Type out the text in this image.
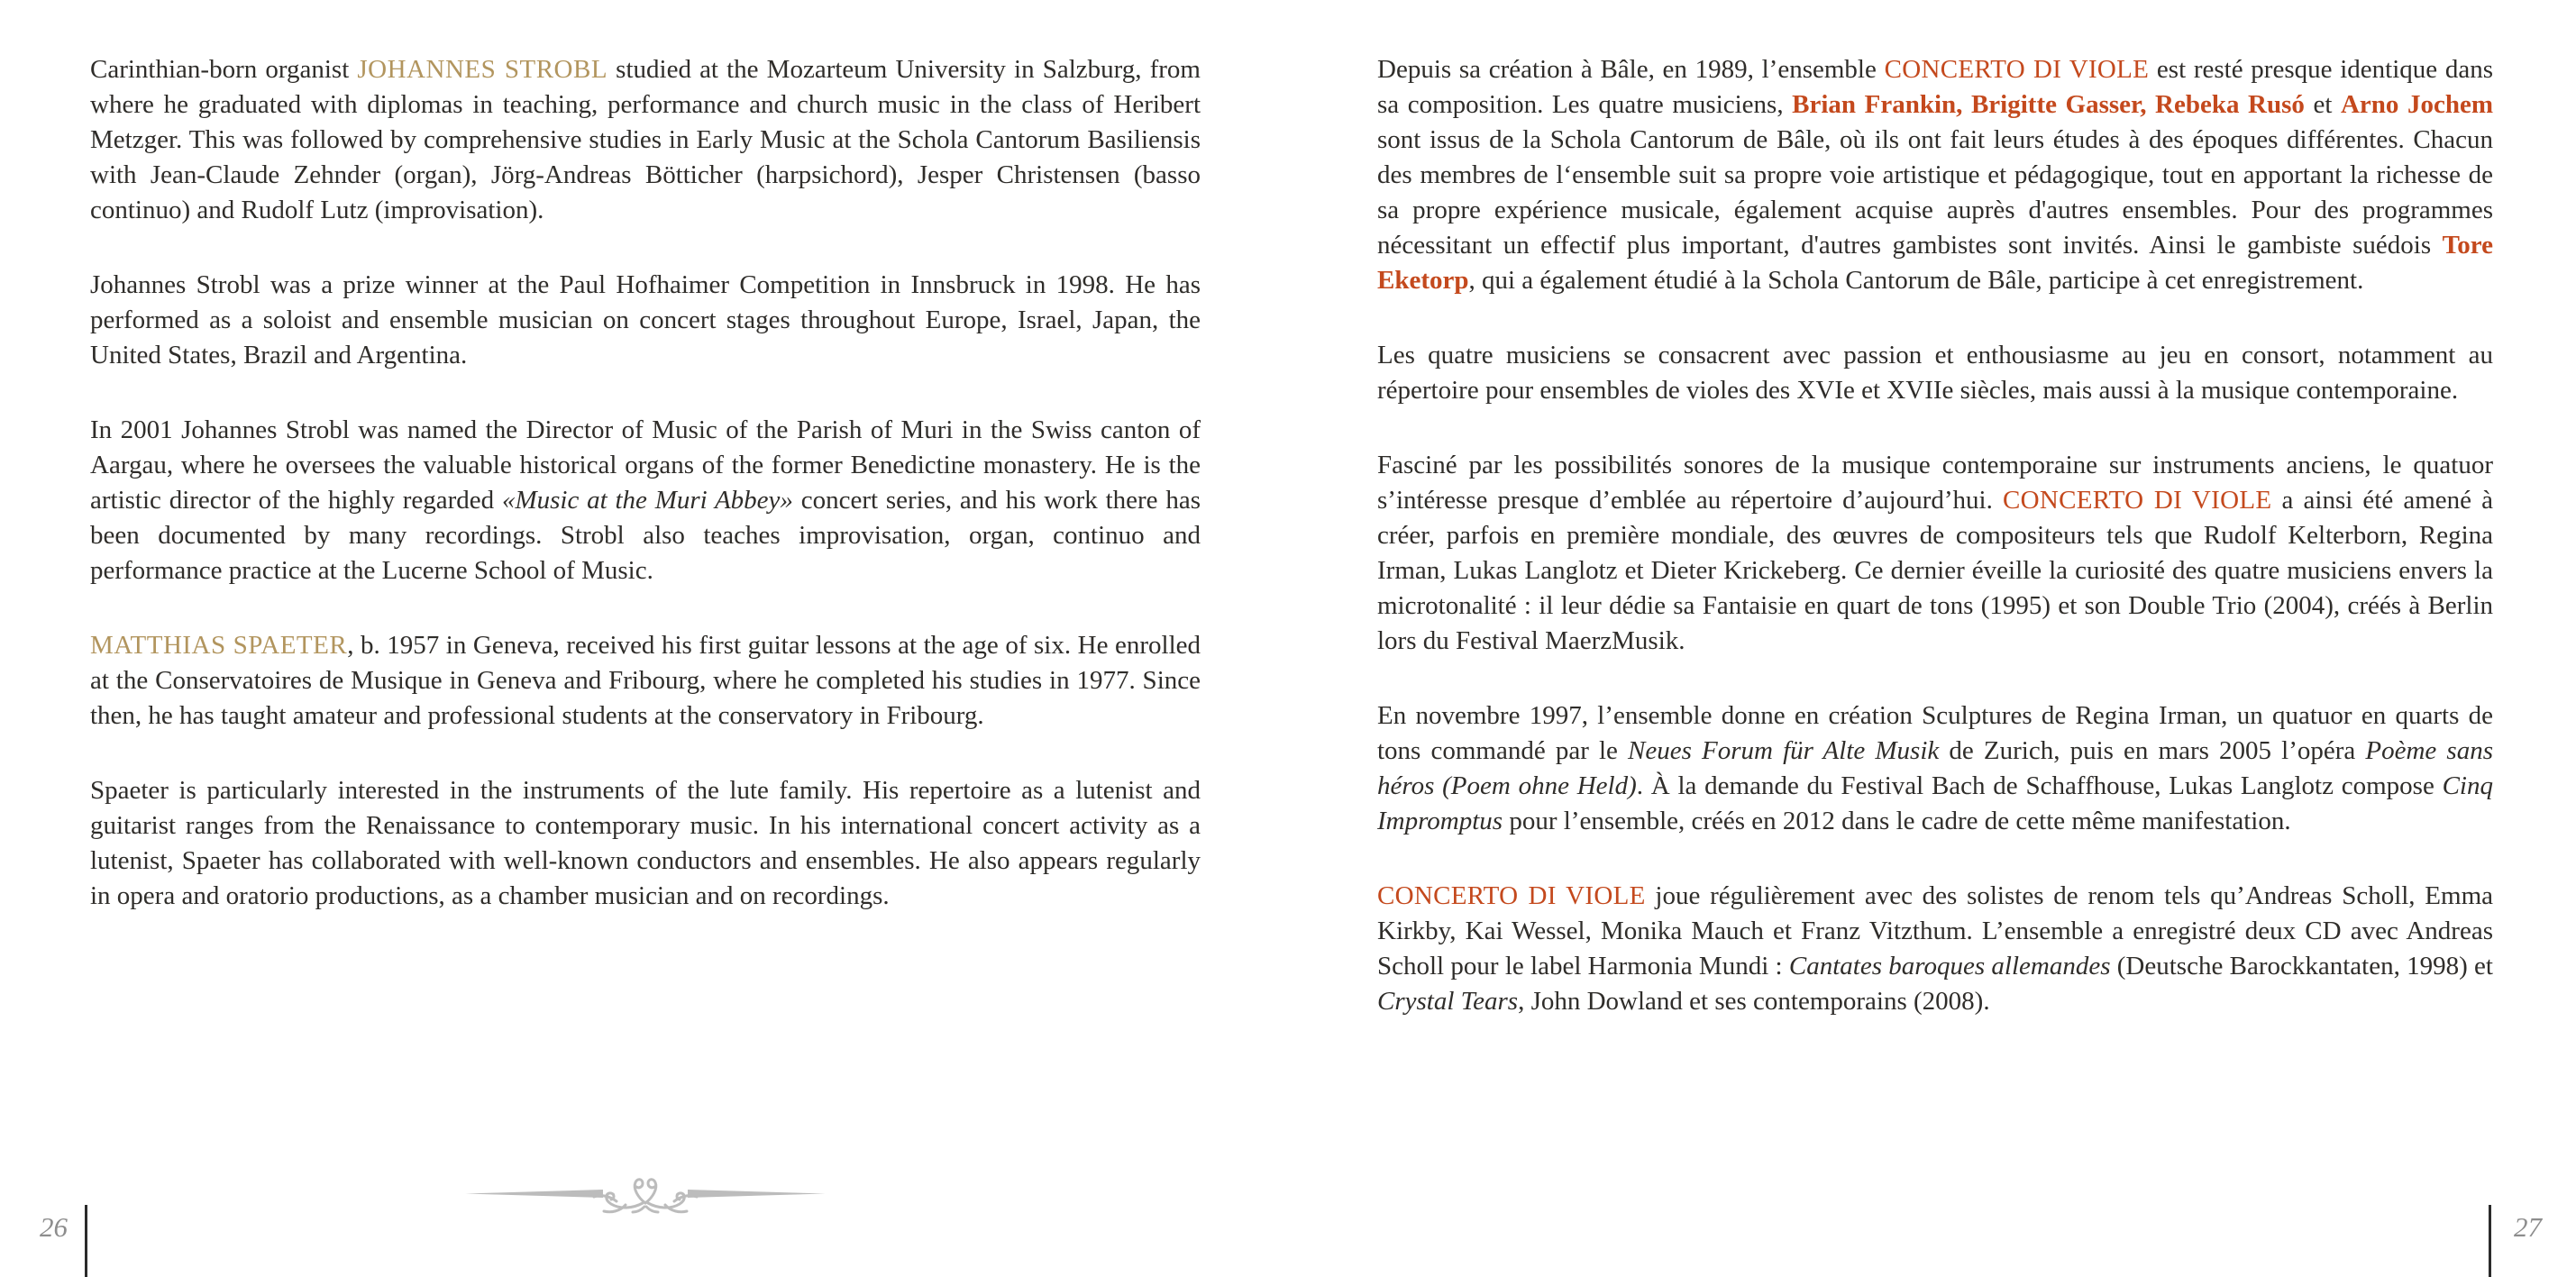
Carinthian-born organist JOHANNES STROBL studied at the Mozarteum University in Salzburg, from where he graduated with diplomas in teaching, performance and church music in the class of Heribert Metzger. This was followed by comprehensive studies in Early Music at the Schola Cantorum Basiliensis with Jean-Claude Zehnder (organ), Jörg-Andreas Bötticher (harpsichord), Jesper Christensen (basso continuo) and Rudolf Lutz (improvisation).

Johannes Strobl was a prize winner at the Paul Hofhaimer Competition in Innsbruck in 1998. He has performed as a soloist and ensemble musician on concert stages throughout Europe, Israel, Japan, the United States, Brazil and Argentina.

In 2001 Johannes Strobl was named the Director of Music of the Parish of Muri in the Swiss canton of Aargau, where he oversees the valuable historical organs of the former Benedictine monastery. He is the artistic director of the highly regarded «Music at the Muri Abbey» concert series, and his work there has been documented by many recordings. Strobl also teaches improvisation, organ, continuo and performance practice at the Lucerne School of Music.

MATTHIAS SPAETER, b. 1957 in Geneva, received his first guitar lessons at the age of six. He enrolled at the Conservatoires de Musique in Geneva and Fribourg, where he completed his studies in 1977. Since then, he has taught amateur and professional students at the conservatory in Fribourg.

Spaeter is particularly interested in the instruments of the lute family. His repertoire as a lutenist and guitarist ranges from the Renaissance to contemporary music. In his international concert activity as a lutenist, Spaeter has collaborated with well-known conductors and ensembles. He also appears regularly in opera and oratorio productions, as a chamber musician and on recordings.

Depuis sa création à Bâle, en 1989, l’ensemble CONCERTO DI VIOLE est resté presque identique dans sa composition. Les quatre musiciens, Brian Frankin, Brigitte Gasser, Rebeka Rusó et Arno Jochem sont issus de la Schola Cantorum de Bâle, où ils ont fait leurs études à des époques différentes. Chacun des membres de l‘ensemble suit sa propre voie artistique et pédagogique, tout en apportant la richesse de sa propre expérience musicale, également acquise auprès d'autres ensembles. Pour des programmes nécessitant un effectif plus important, d'autres gambistes sont invités. Ainsi le gambiste suédois Tore Eketorp, qui a également étudié à la Schola Cantorum de Bâle, participe à cet enregistrement.

Les quatre musiciens se consacrent avec passion et enthousiasme au jeu en consort, notamment au répertoire pour ensembles de violes des XVIe et XVIIe siècles, mais aussi à la musique contemporaine.

Fasciné par les possibilités sonores de la musique contemporaine sur instruments anciens, le quatuor s’intéresse presque d’emblée au répertoire d’aujourd’hui. CONCERTO DI VIOLE a ainsi été amené à créer, parfois en première mondiale, des œuvres de compositeurs tels que Rudolf Kelterborn, Regina Irman, Lukas Langlotz et Dieter Krickeberg. Ce dernier éveille la curiosité des quatre musiciens envers la microtonalité : il leur dédie sa Fantaisie en quart de tons (1995) et son Double Trio (2004), créés à Berlin lors du Festival MaerzMusik.

En novembre 1997, l’ensemble donne en création Sculptures de Regina Irman, un quatuor en quarts de tons commandé par le Neues Forum für Alte Musik de Zurich, puis en mars 2005 l’opéra Poème sans héros (Poem ohne Held). À la demande du Festival Bach de Schaffhouse, Lukas Langlotz compose Cinq Impromptus pour l’ensemble, créés en 2012 dans le cadre de cette même manifestation.

CONCERTO DI VIOLE joue régulièrement avec des solistes de renom tels qu’Andreas Scholl, Emma Kirkby, Kai Wessel, Monika Mauch et Franz Vitzthum. L’ensemble a enregistré deux CD avec Andreas Scholl pour le label Harmonia Mundi : Cantates baroques allemandes (Deutsche Barockkantaten, 1998) et Crystal Tears, John Dowland et ses contemporains (2008).

26	27
